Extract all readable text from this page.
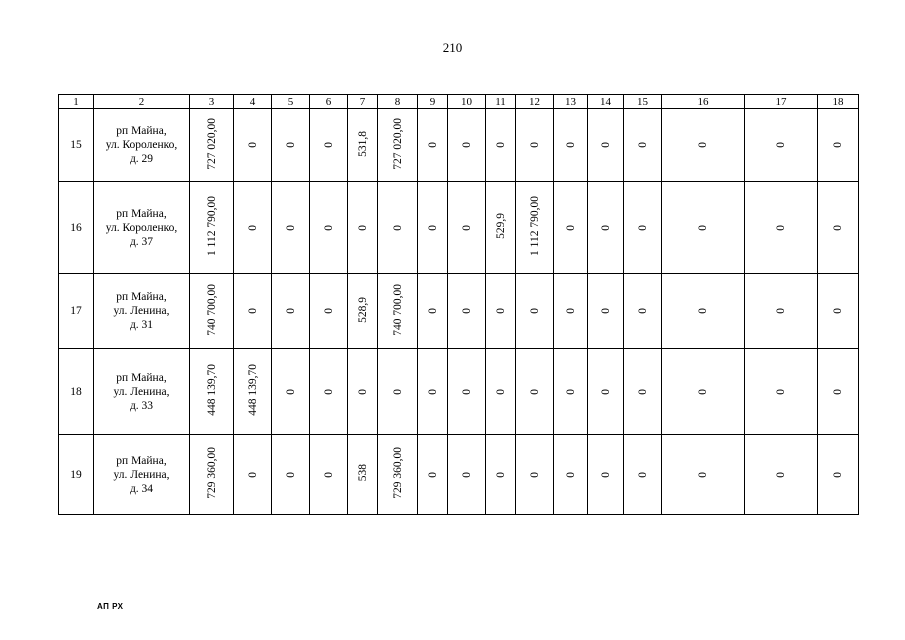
210
1	2	3	4	5	6	7	8	9	10	11	12	13	14	15	16	17	18
15	рп Майна,
ул. Короленко,
д. 29	727 020,00	0	0	0	531,8	727 020,00	0	0	0	0	0	0	0	0	0	0
16	рп Майна,
ул. Короленко,
д. 37	1 112 790,00	0	0	0	0	0	0	0	529,9	1 112 790,00	0	0	0	0	0	0
17	рп Майна,
ул. Ленина,
д. 31	740 700,00	0	0	0	528,9	740 700,00	0	0	0	0	0	0	0	0	0	0
18	рп Майна,
ул. Ленина,
д. 33	448 139,70	448 139,70	0	0	0	0	0	0	0	0	0	0	0	0	0	0
19	рп Майна,
ул. Ленина,
д. 34	729 360,00	0	0	0	538	729 360,00	0	0	0	0	0	0	0	0	0	0
АП РХ
